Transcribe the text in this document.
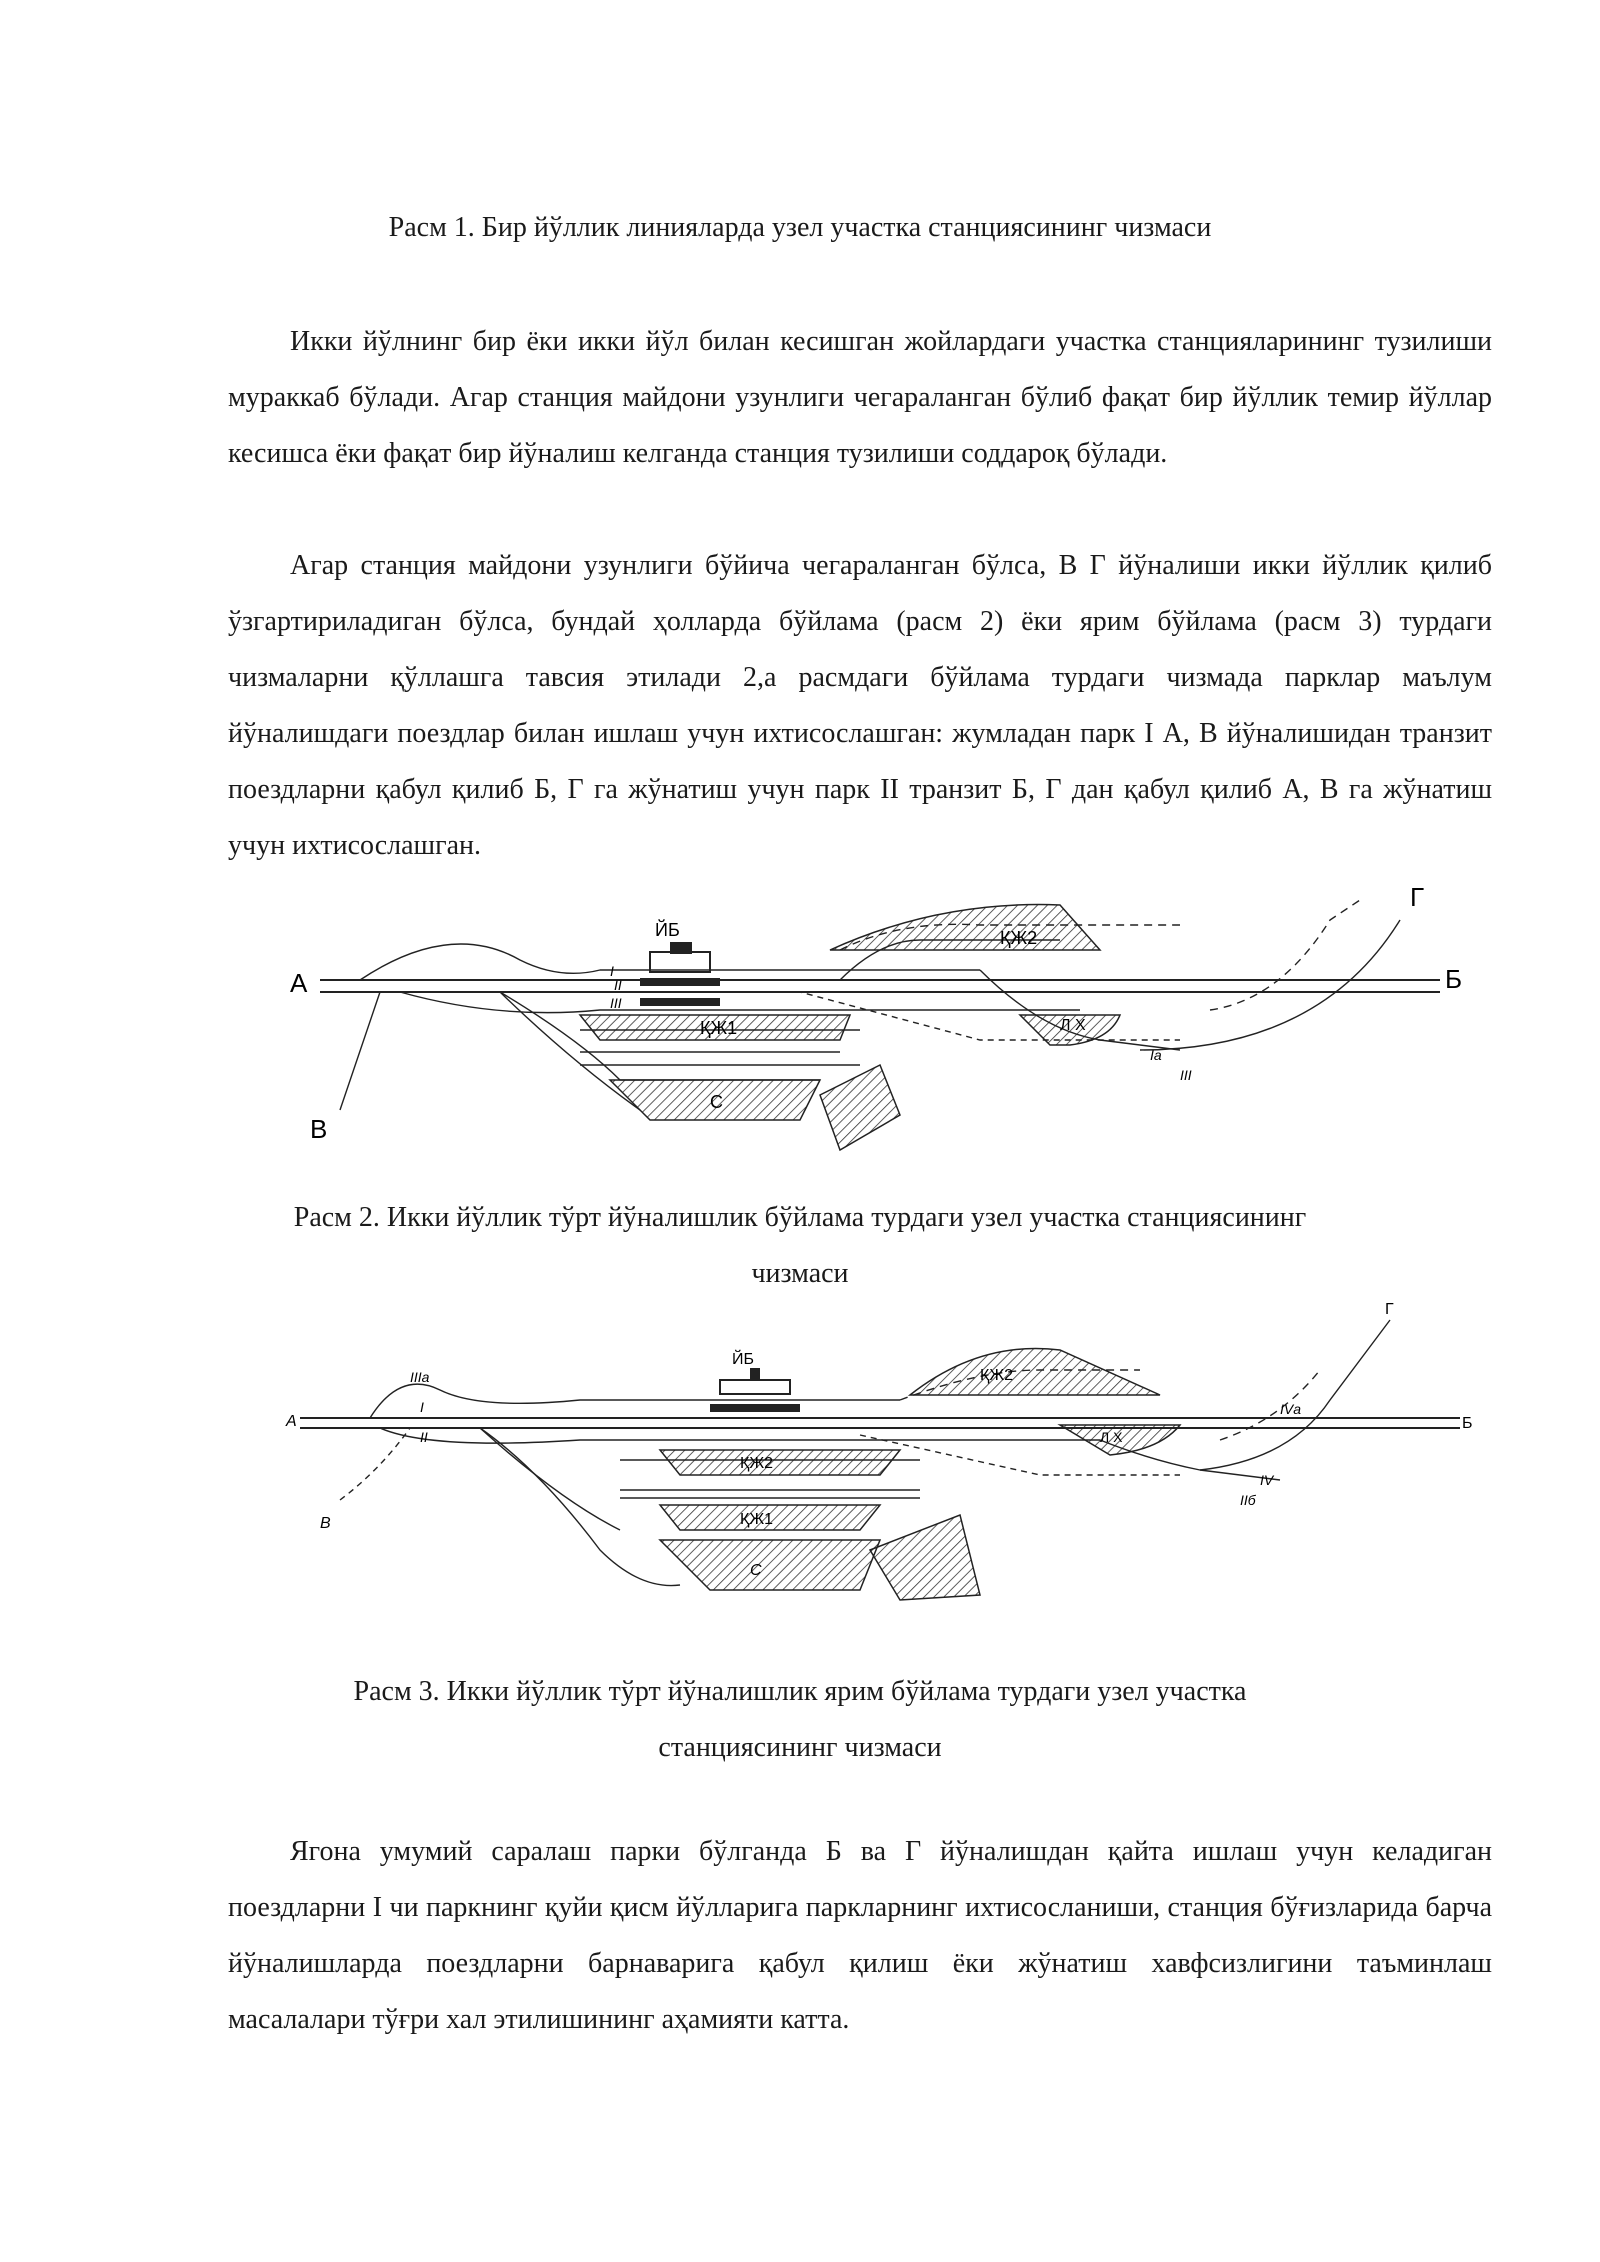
Расм 1. Бир йўллик линияларда узел участка станциясининг чизмаси

Икки йўлнинг бир ёки икки йўл билан кесишган жойлардаги участка станцияларининг тузилиши мураккаб бўлади. Агар станция майдони узунлиги чегараланган бўлиб фақат бир йўллик темир йўллар кесишса ёки фақат бир йўналиш келганда станция тузилиши соддароқ бўлади.

Агар станция майдони узунлиги бўйича чегараланган бўлса, В Г йўналиши икки йўллик қилиб ўзгартириладиган бўлса, бундай ҳолларда бўйлама (расм 2) ёки ярим бўйлама (расм 3) турдаги чизмаларни қўллашга тавсия этилади 2,а расмдаги бўйлама турдаги чизмада парклар маълум йўналишдаги поездлар билан ишлаш учун ихтисослашган: жумладан парк I А, В йўналишидан транзит поездларни қабул қилиб Б, Г га жўнатиш учун парк II транзит Б, Г дан қабул қилиб А, В га жўнатиш учун ихтисослашган.

А	Б
В
Г
ЙБ
ҚЖ1
ҚЖ2
С
Л Х
I
II
III
Iа
III
Расм 2. Икки йўллик тўрт йўналишлик бўйлама турдаги узел участка станциясининг
чизмаси
А	Б
В
Г
ЙБ
ҚЖ2
ҚЖ2
ҚЖ1
С
Л Х
IIIа
I
II
IVа
IV
IIб
Расм 3. Икки йўллик тўрт йўналишлик ярим бўйлама турдаги узел участка
станциясининг чизмаси

Ягона умумий саралаш парки бўлганда Б ва Г йўналишдан қайта ишлаш учун келадиган поездларни I чи паркнинг қуйи қисм йўлларига паркларнинг ихтисосланиши, станция бўғизларида барча йўналишларда поездларни барнаваригa қабул қилиш ёки жўнатиш хавфсизлигини таъминлаш масалалари тўғри хал этилишининг аҳамияти катта.
